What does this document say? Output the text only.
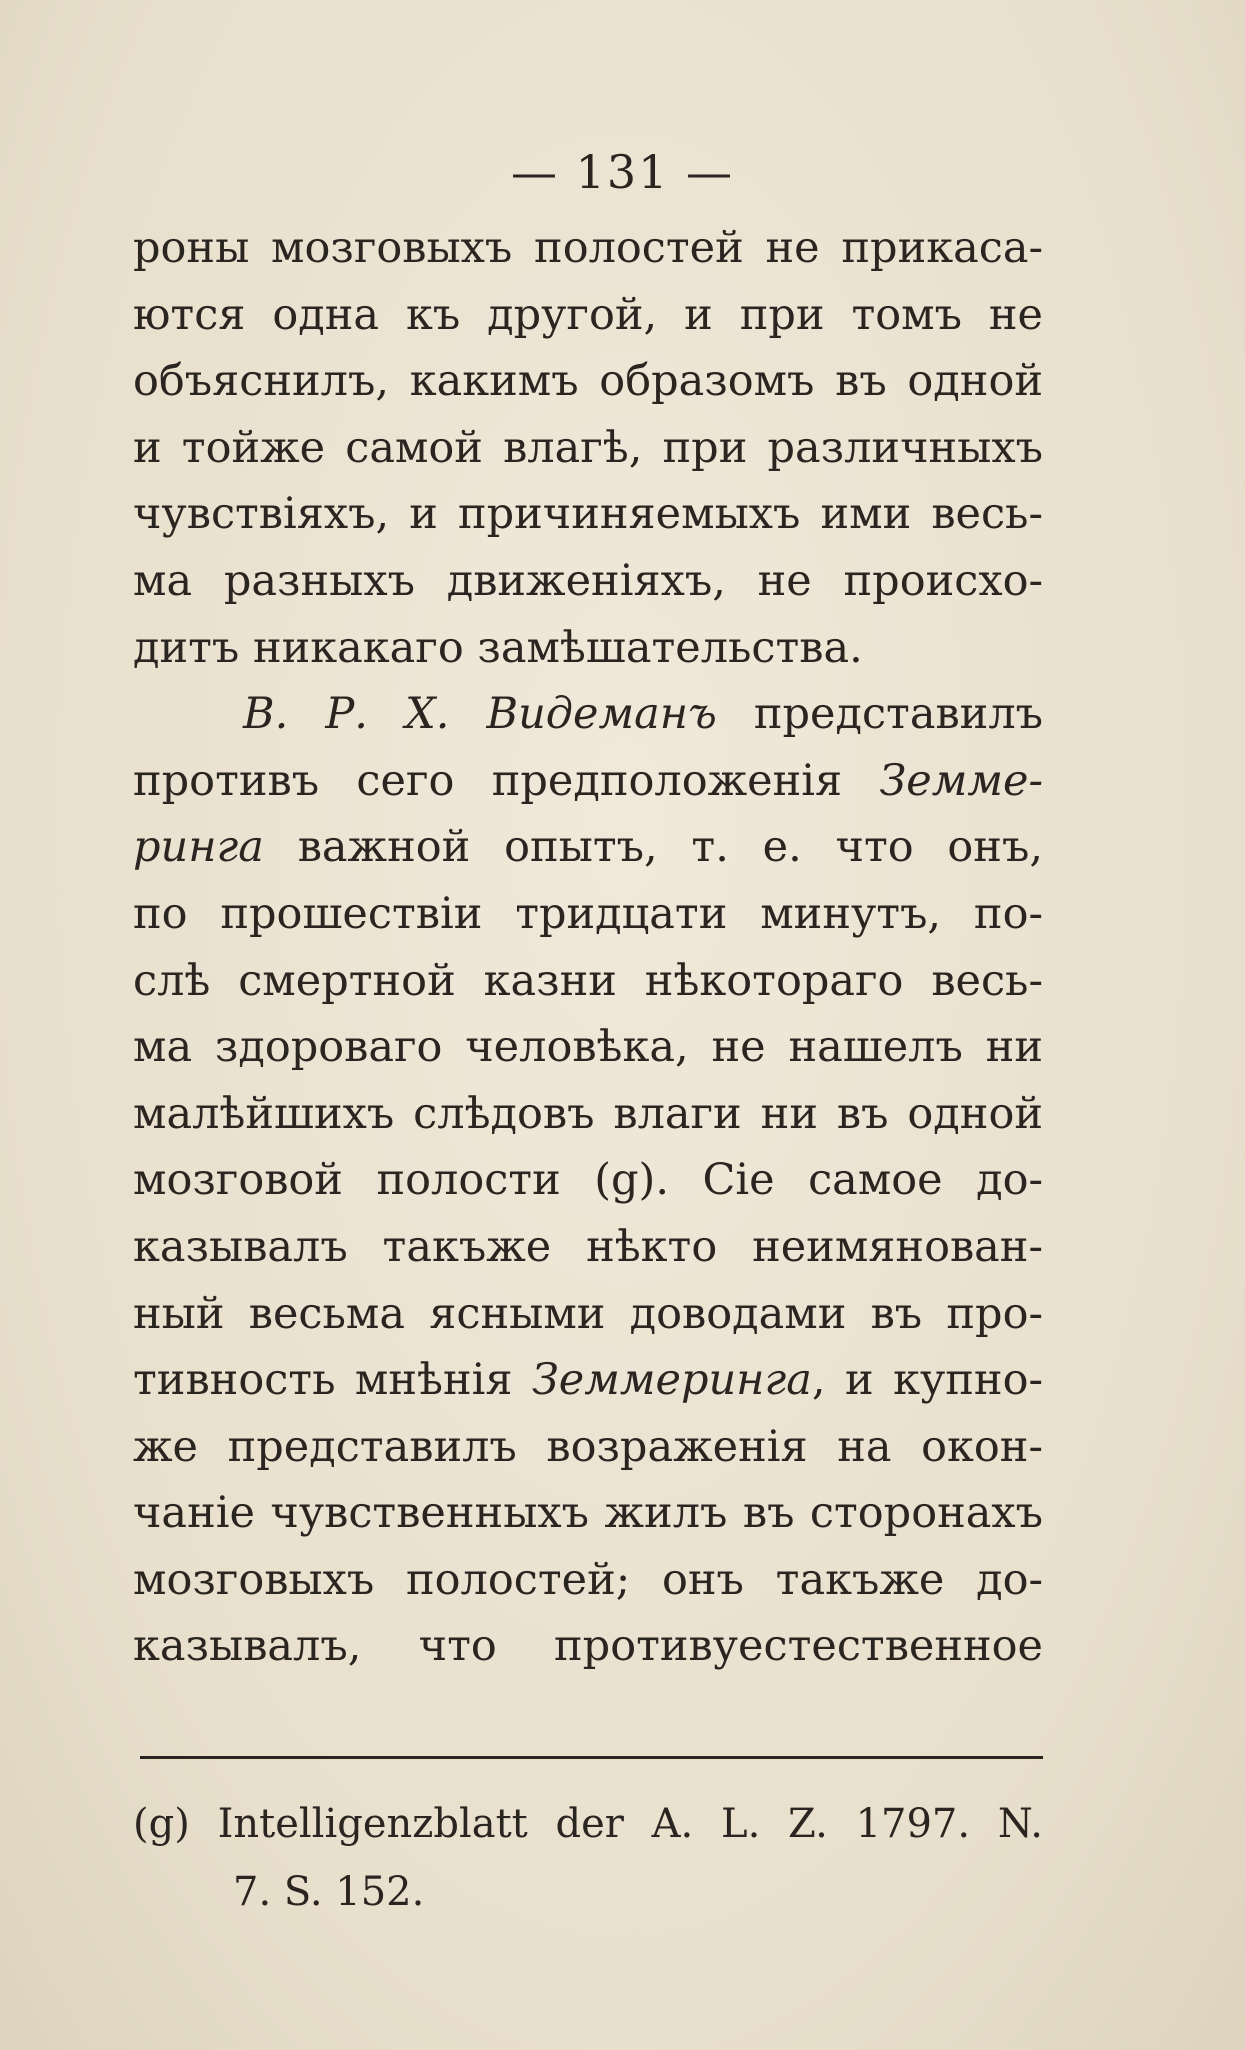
— 131 —
роны мозговыхъ полостей не прикаса-
ются одна къ другой, и при томъ не
объяснилъ, какимъ образомъ въ одной
и тойже самой влагѣ, при различныхъ
чувствiяхъ, и причиняемыхъ ими весь-
ма разныхъ движенiяхъ, не происхо-
дитъ никакаго замѣшательства.
В. Р. Х. Видеманъ представилъ
противъ сего предположенiя Земме-
ринга важной опытъ, т. е. что онъ,
по прошествiи тридцати минутъ, по-
слѣ смертной казни нѣкотораго весь-
ма здороваго человѣка, не нашелъ ни
малѣйшихъ слѣдовъ влаги ни въ одной
мозговой полости (g). Сiе самое до-
казывалъ такъже нѣкто неимянован-
ный весьма ясными доводами въ про-
тивность мнѣнiя Земмеринга, и купно-
же представилъ возраженiя на окон-
чанiе чувственныхъ жилъ въ сторонахъ
мозговыхъ полостей; онъ такъже до-
казывалъ, что противуестественное
(g) Intelligenzblatt der A. L. Z. 1797. N.
7. S. 152.
